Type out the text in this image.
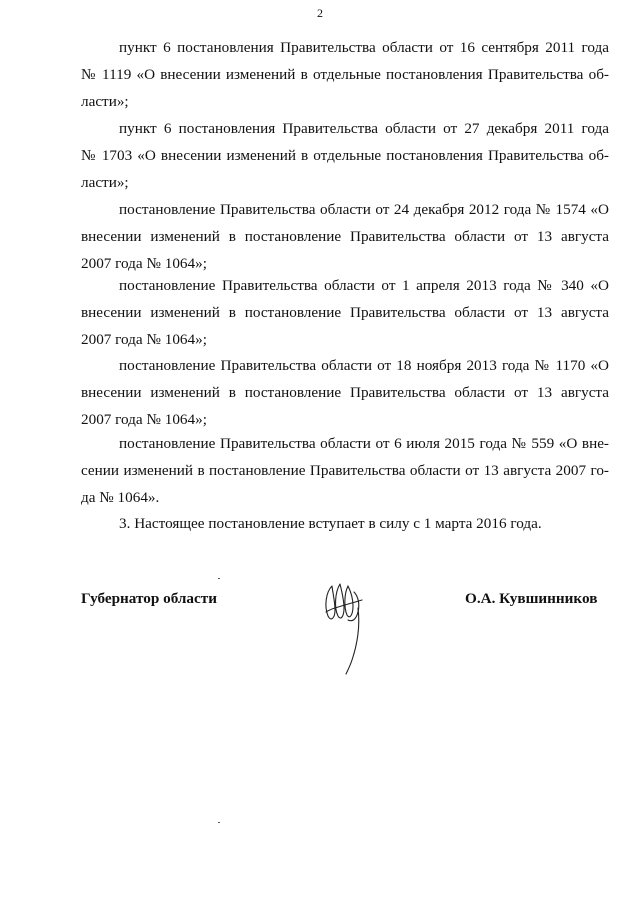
2
пункт 6 постановления Правительства области от 16 сентября 2011 года
№ 1119 «О внесении изменений в отдельные постановления Правительства об-
ласти»;
пункт 6 постановления Правительства области от 27 декабря 2011 года
№ 1703 «О внесении изменений в отдельные постановления Правительства об-
ласти»;
постановление Правительства области от 24 декабря 2012 года № 1574 «О
внесении изменений в постановление Правительства области от 13 августа
2007 года № 1064»;
постановление Правительства области от 1 апреля 2013 года № 340 «О
внесении изменений в постановление Правительства области от 13 августа
2007 года № 1064»;
постановление Правительства области от 18 ноября 2013 года № 1170 «О
внесении изменений в постановление Правительства области от 13 августа
2007 года № 1064»;
постановление Правительства области от 6 июля 2015 года № 559 «О вне-
сении изменений в постановление Правительства области от 13 августа 2007 го-
да № 1064».
3. Настоящее постановление вступает в силу с 1 марта 2016 года.
Губернатор области	О.А. Кувшинников
